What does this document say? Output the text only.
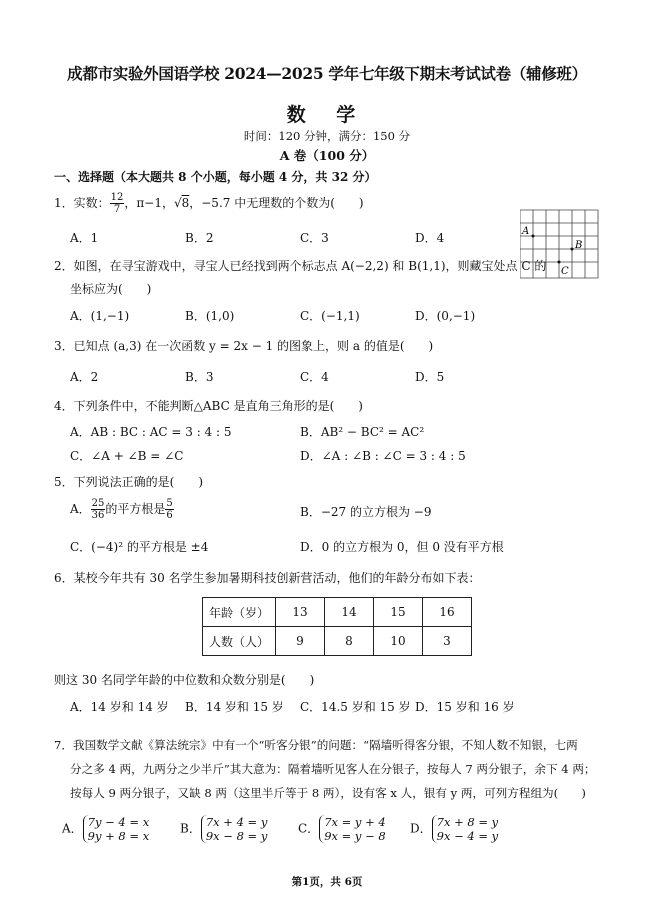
成都市实验外国语学校 2024—2025 学年七年级下期末考试试卷（辅修班）
数 学
时间：120 分钟，满分：150 分
A 卷（100 分）
一、选择题（本大题共 8 个小题，每小题 4 分，共 32 分）
1．实数： $\frac{12}{7}$ ，π−1，√8，−5.7 中无理数的个数为(　　)
A．1	B．2	C．3	D．4	A
B
C
2．如图，在寻宝游戏中，寻宝人已经找到两个标志点 A(−2,2) 和 B(1,1)，则藏宝处点 C 的
坐标应为(　　)
A．(1,−1)	B．(1,0)	C．(−1,1)	D．(0,−1)
3．已知点 (a,3) 在一次函数 y = 2x − 1 的图象上，则 a 的值是(　　)
A．2	B．3	C．4	D．5
4．下列条件中，不能判断△ABC 是直角三角形的是(　　)
A．AB : BC : AC = 3 : 4 : 5	B．AB² − BC² = AC²
C．∠A + ∠B = ∠C	D．∠A : ∠B : ∠C = 3 : 4 : 5
5．下列说法正确的是(　　)
A． $\frac{25}{36}$ 的平方根是 $\frac{5}{6}$	B．−27 的立方根为 −9
C．(−4)² 的平方根是 ±4	D．0 的立方根为 0，但 0 没有平方根
6．某校今年共有 30 名学生参加暑期科技创新营活动，他们的年龄分布如下表：
年龄（岁）	13	14	15	16
人数（人）	9	8	10	3
则这 30 名同学年龄的中位数和众数分别是(　　)
A．14 岁和 14 岁 B．14 岁和 15 岁 C．14.5 岁和 15 岁 D．15 岁和 16 岁
7．我国数学文献《算法统宗》中有一个“听客分银”的问题：“隔墙听得客分银，不知人数不知银，七两
分之多 4 两，九两分之少半斤”其大意为：隔着墙听见客人在分银子，按每人 7 两分银子，余下 4 两；
按每人 9 两分银子，又缺 8 两（这里半斤等于 8 两），设有客 x 人，银有 y 两，可列方程组为(　　)
A． 7y − 4 = x
9y + 8 = x
B． 7x + 4 = y
9x − 8 = y
C． 7x = y + 4
9x = y − 8
D． 7x + 8 = y
9x − 4 = y
第1页，共 6页
